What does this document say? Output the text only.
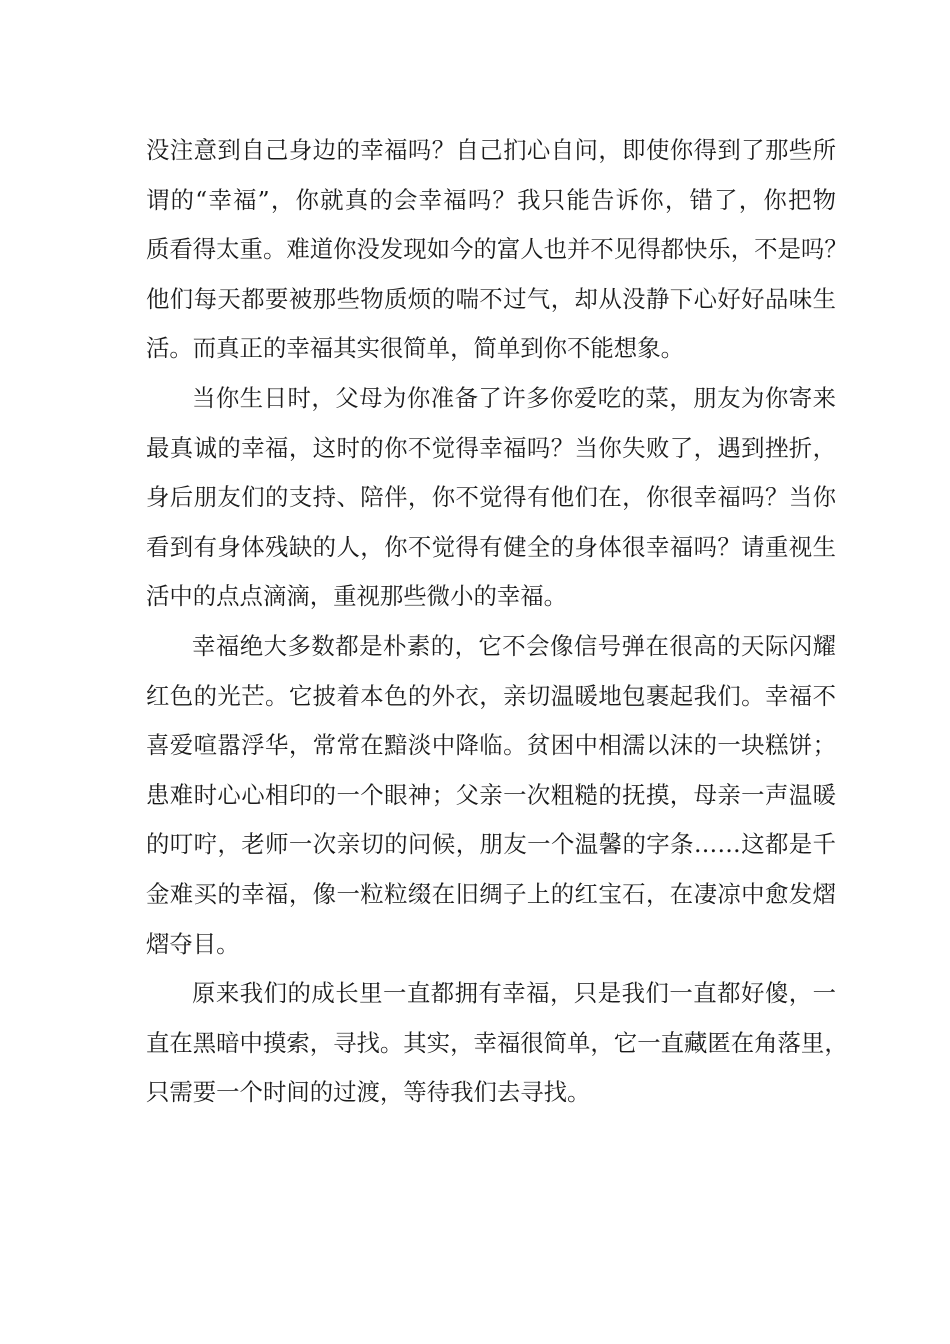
没注意到自己身边的幸福吗？自己扪心自问，即使你得到了那些所
谓的“幸福”，你就真的会幸福吗？我只能告诉你，错了，你把物
质看得太重。难道你没发现如今的富人也并不见得都快乐，不是吗？
他们每天都要被那些物质烦的喘不过气，却从没静下心好好品味生
活。而真正的幸福其实很简单，简单到你不能想象。
当你生日时，父母为你准备了许多你爱吃的菜，朋友为你寄来
最真诚的幸福，这时的你不觉得幸福吗？当你失败了，遇到挫折，
身后朋友们的支持、陪伴，你不觉得有他们在，你很幸福吗？当你
看到有身体残缺的人，你不觉得有健全的身体很幸福吗？请重视生
活中的点点滴滴，重视那些微小的幸福。
幸福绝大多数都是朴素的，它不会像信号弹在很高的天际闪耀
红色的光芒。它披着本色的外衣，亲切温暖地包裹起我们。幸福不
喜爱喧嚣浮华，常常在黯淡中降临。贫困中相濡以沫的一块糕饼；
患难时心心相印的一个眼神；父亲一次粗糙的抚摸，母亲一声温暖
的叮咛，老师一次亲切的问候，朋友一个温馨的字条……这都是千
金难买的幸福，像一粒粒缀在旧绸子上的红宝石，在凄凉中愈发熠
熠夺目。
原来我们的成长里一直都拥有幸福，只是我们一直都好傻，一
直在黑暗中摸索，寻找。其实，幸福很简单，它一直藏匿在角落里，
只需要一个时间的过渡，等待我们去寻找。
